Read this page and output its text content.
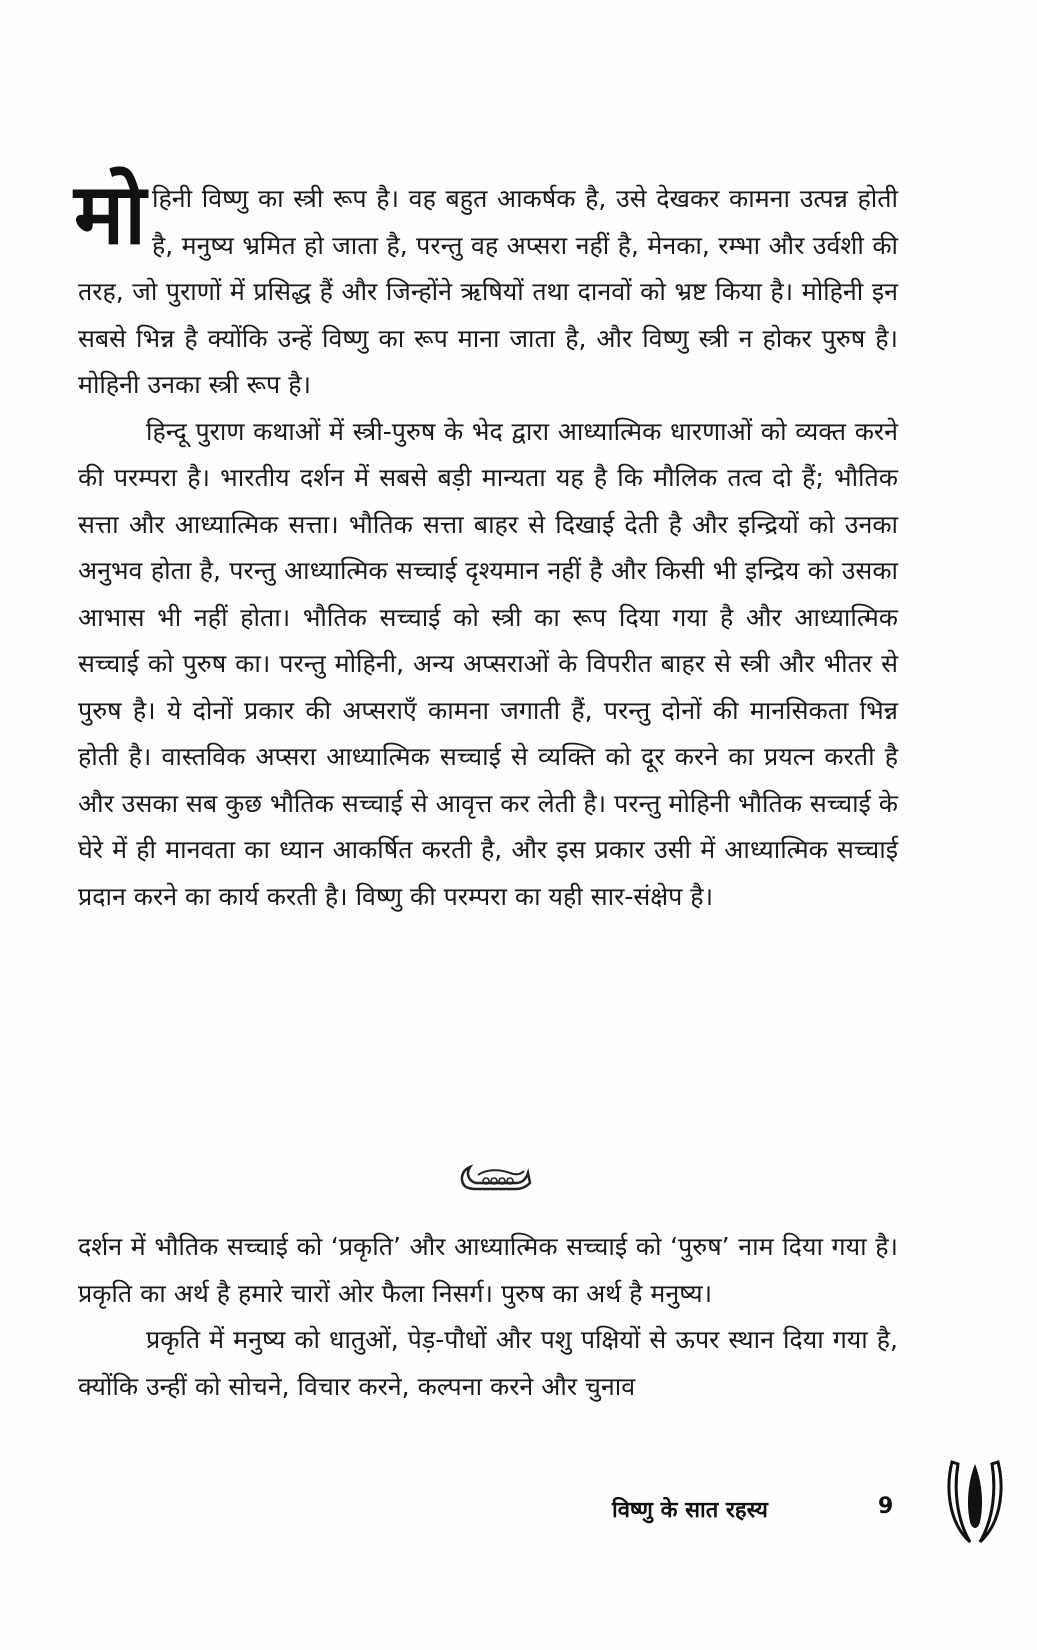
मोहिनी विष्णु का स्त्री रूप है। वह बहुत आकर्षक है, उसे देखकर कामना उत्पन्न होती है, मनुष्य भ्रमित हो जाता है, परन्तु वह अप्सरा नहीं है, मेनका, रम्भा और उर्वशी की तरह, जो पुराणों में प्रसिद्ध हैं और जिन्होंने ऋषियों तथा दानवों को भ्रष्ट किया है। मोहिनी इन सबसे भिन्न है क्योंकि उन्हें विष्णु का रूप माना जाता है, और विष्णु स्त्री न होकर पुरुष है। मोहिनी उनका स्त्री रूप है।

हिन्दू पुराण कथाओं में स्त्री-पुरुष के भेद द्वारा आध्यात्मिक धारणाओं को व्यक्त करने की परम्परा है। भारतीय दर्शन में सबसे बड़ी मान्यता यह है कि मौलिक तत्व दो हैं; भौतिक सत्ता और आध्यात्मिक सत्ता। भौतिक सत्ता बाहर से दिखाई देती है और इन्द्रियों को उनका अनुभव होता है, परन्तु आध्यात्मिक सच्चाई दृश्यमान नहीं है और किसी भी इन्द्रिय को उसका आभास भी नहीं होता। भौतिक सच्चाई को स्त्री का रूप दिया गया है और आध्यात्मिक सच्चाई को पुरुष का। परन्तु मोहिनी, अन्य अप्सराओं के विपरीत बाहर से स्त्री और भीतर से पुरुष है। ये दोनों प्रकार की अप्सराएँ कामना जगाती हैं, परन्तु दोनों की मानसिकता भिन्न होती है। वास्तविक अप्सरा आध्यात्मिक सच्चाई से व्यक्ति को दूर करने का प्रयत्न करती है और उसका सब कुछ भौतिक सच्चाई से आवृत्त कर लेती है। परन्तु मोहिनी भौतिक सच्चाई के घेरे में ही मानवता का ध्यान आकर्षित करती है, और इस प्रकार उसी में आध्यात्मिक सच्चाई प्रदान करने का कार्य करती है। विष्णु की परम्परा का यही सार-संक्षेप है।

दर्शन में भौतिक सच्चाई को ‘प्रकृति’ और आध्यात्मिक सच्चाई को ‘पुरुष’ नाम दिया गया है। प्रकृति का अर्थ है हमारे चारों ओर फैला निसर्ग। पुरुष का अर्थ है मनुष्य।

प्रकृति में मनुष्य को धातुओं, पेड़-पौधों और पशु पक्षियों से ऊपर स्थान दिया गया है, क्योंकि उन्हीं को सोचने, विचार करने, कल्पना करने और चुनाव

विष्णु के सात रहस्य	9
